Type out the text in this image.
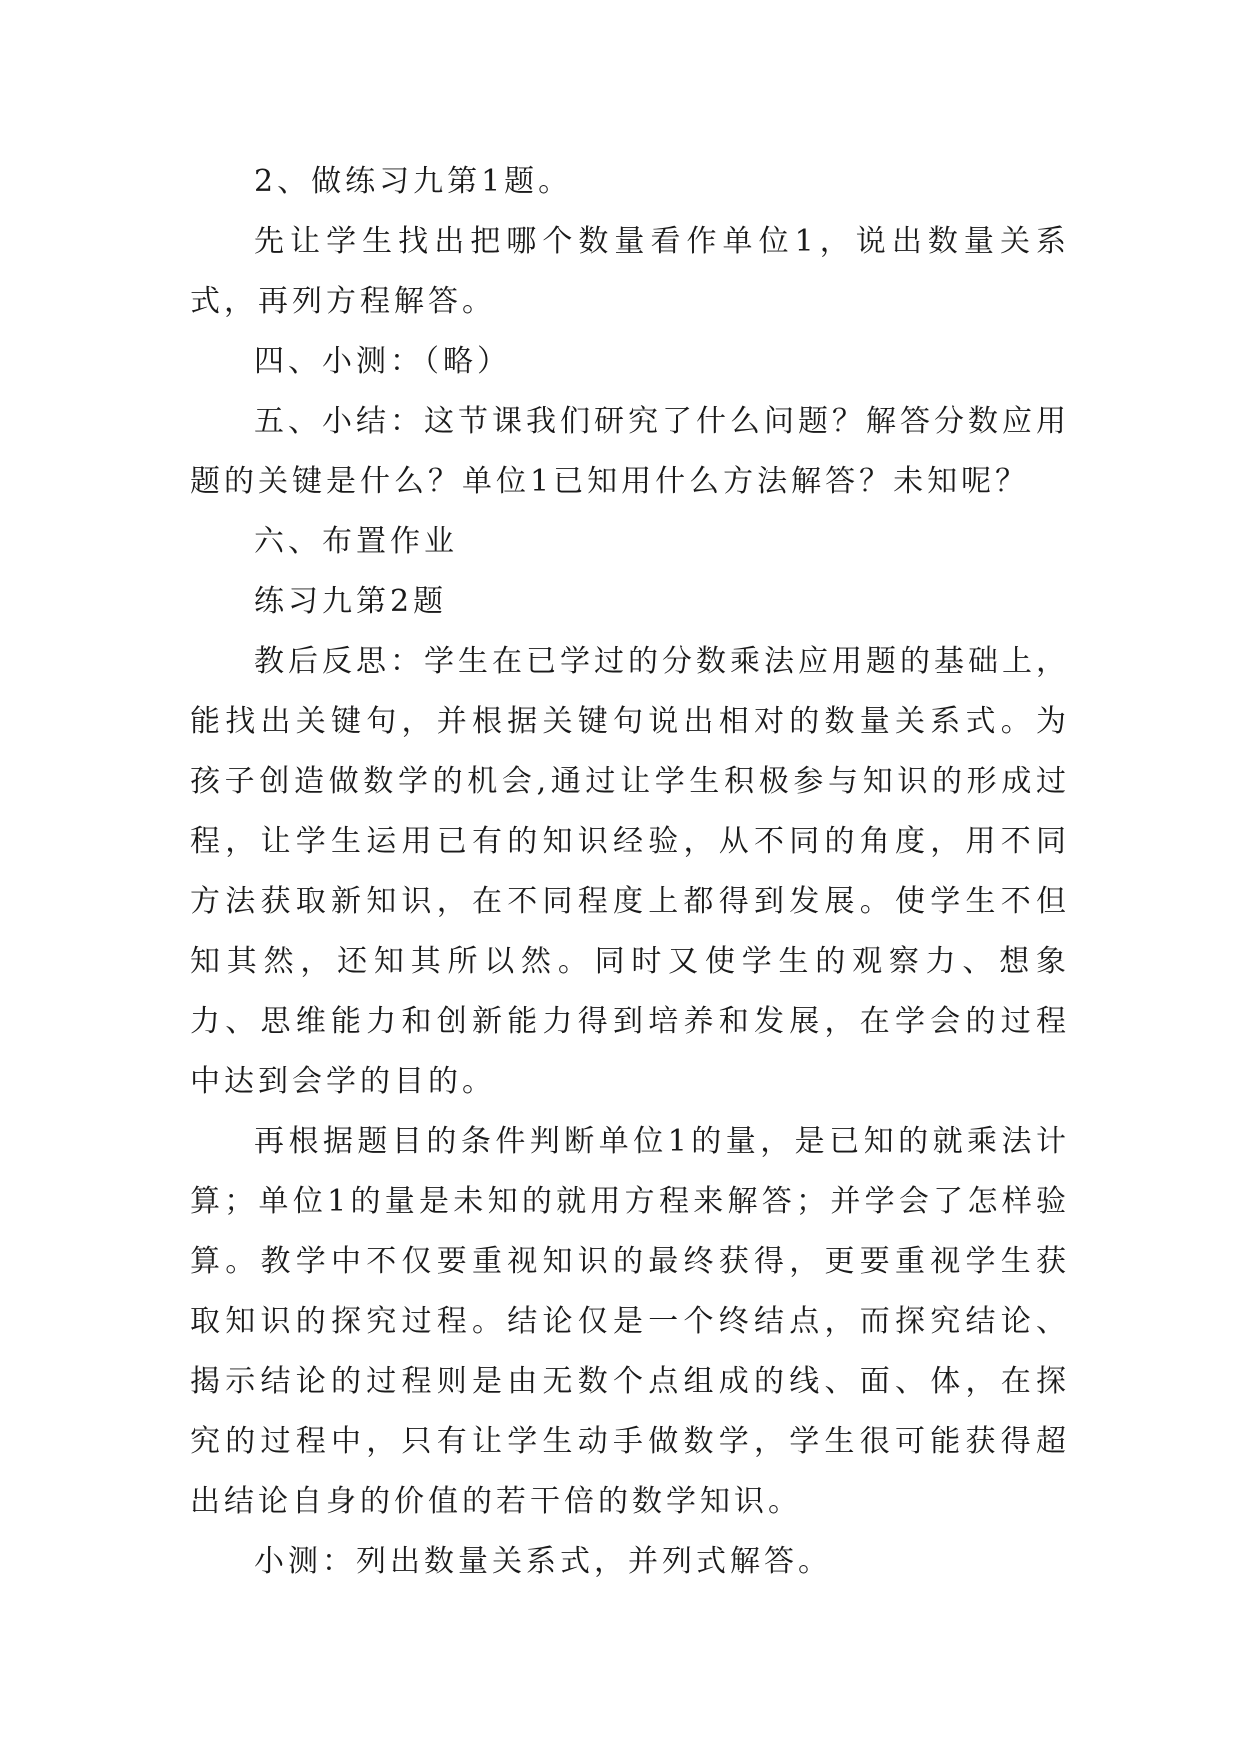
2、做练习九第1题。

先让学生找出把哪个数量看作单位1，说出数量关系式，再列方程解答。

四、小测：（略）

五、小结：这节课我们研究了什么问题？解答分数应用题的关键是什么？单位1已知用什么方法解答？未知呢？

六、布置作业

练习九第2题

教后反思：学生在已学过的分数乘法应用题的基础上，能找出关键句，并根据关键句说出相对的数量关系式。为孩子创造做数学的机会,通过让学生积极参与知识的形成过程，让学生运用已有的知识经验，从不同的角度，用不同方法获取新知识，在不同程度上都得到发展。使学生不但知其然，还知其所以然。同时又使学生的观察力、想象力、思维能力和创新能力得到培养和发展，在学会的过程中达到会学的目的。

再根据题目的条件判断单位1的量，是已知的就乘法计算；单位1的量是未知的就用方程来解答；并学会了怎样验算。教学中不仅要重视知识的最终获得，更要重视学生获取知识的探究过程。结论仅是一个终结点，而探究结论、揭示结论的过程则是由无数个点组成的线、面、体，在探究的过程中，只有让学生动手做数学，学生很可能获得超出结论自身的价值的若干倍的数学知识。

小测：列出数量关系式，并列式解答。
